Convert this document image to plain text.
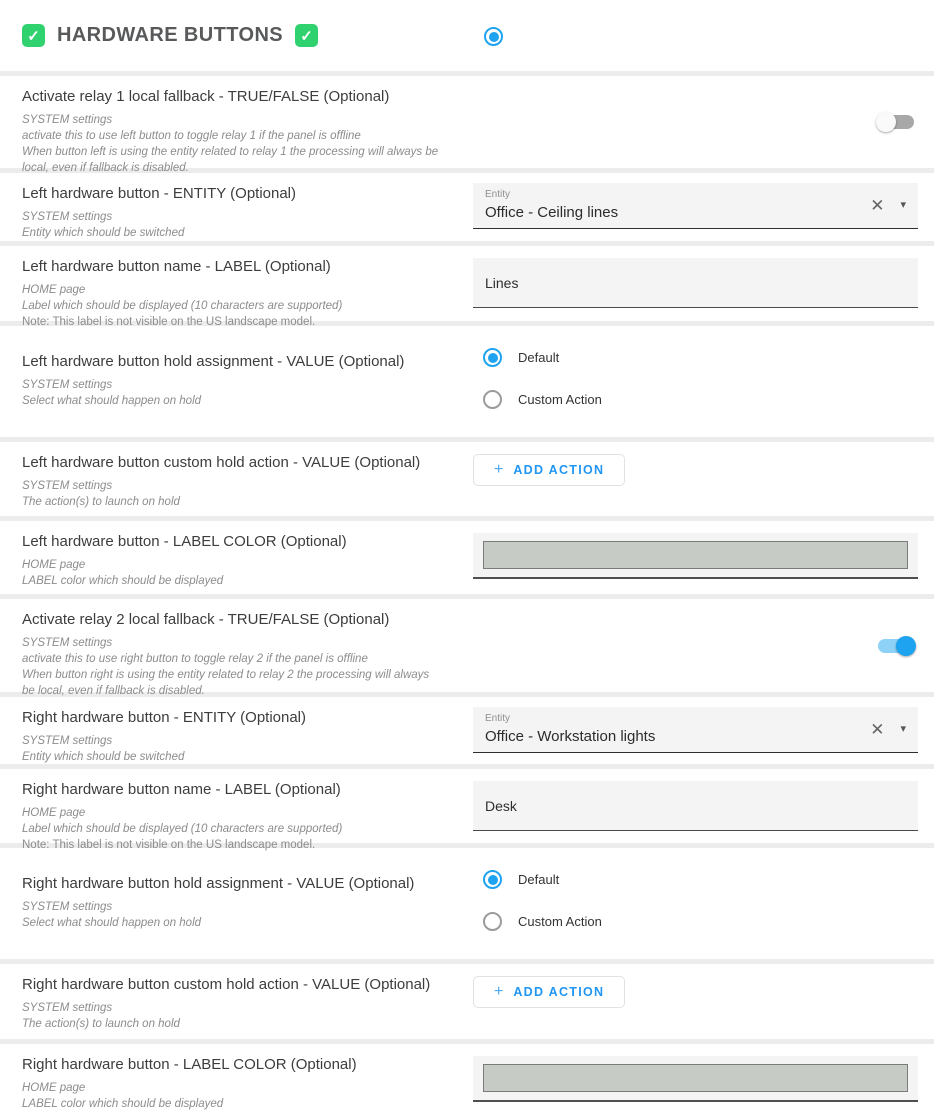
✓ HARDWARE BUTTONS	✓
Activate relay 1 local fallback - TRUE/FALSE (Optional)
SYSTEM settings
activate this to use left button to toggle relay 1 if the panel is offline
When button left is using the entity related to relay 1 the processing will always be local, even if fallback is disabled.
Left hardware button - ENTITY (Optional)
SYSTEM settings
Entity which should be switched
Entity
Office - Ceiling lines	✕ ▾
Left hardware button name - LABEL (Optional)
HOME page
Label which should be displayed (10 characters are supported)
Note: This label is not visible on the US landscape model.
Lines
Left hardware button hold assignment - VALUE (Optional)
SYSTEM settings
Select what should happen on hold
Default
Custom Action
Left hardware button custom hold action - VALUE (Optional)
SYSTEM settings
The action(s) to launch on hold
+ ADD ACTION
Left hardware button - LABEL COLOR (Optional)
HOME page
LABEL color which should be displayed
Activate relay 2 local fallback - TRUE/FALSE (Optional)
SYSTEM settings
activate this to use right button to toggle relay 2 if the panel is offline
When button right is using the entity related to relay 2 the processing will always be local, even if fallback is disabled.
Right hardware button - ENTITY (Optional)
SYSTEM settings
Entity which should be switched
Entity
Office - Workstation lights	✕ ▾
Right hardware button name - LABEL (Optional)
HOME page
Label which should be displayed (10 characters are supported)
Note: This label is not visible on the US landscape model.
Desk
Right hardware button hold assignment - VALUE (Optional)
SYSTEM settings
Select what should happen on hold
Default
Custom Action
Right hardware button custom hold action - VALUE (Optional)
SYSTEM settings
The action(s) to launch on hold
+ ADD ACTION
Right hardware button - LABEL COLOR (Optional)
HOME page
LABEL color which should be displayed
